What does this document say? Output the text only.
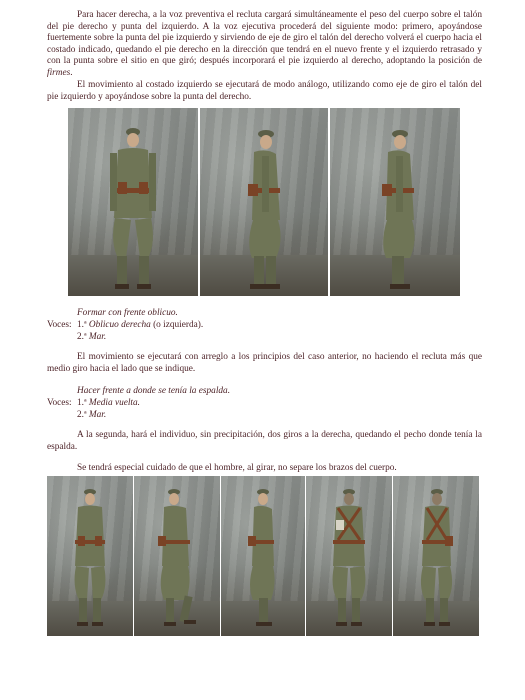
Para hacer derecha, a la voz preventiva el recluta cargará simultáneamente el peso del cuerpo sobre el talón del pie derecho y punta del izquierdo. A la voz ejecutiva procederá del siguiente modo: primero, apoyándose fuertemente sobre la punta del pie izquierdo y sirviendo de eje de giro el talón del derecho volverá el cuerpo hacia el costado indicado, quedando el pie derecho en la dirección que tendrá en el nuevo frente y el izquierdo retrasado y con la punta sobre el sitio en que giró; después incorporará el pie izquierdo al derecho, adoptando la posición de firmes.

El movimiento al costado izquierdo se ejecutará de modo análogo, utilizando como eje de giro el talón del pie izquierdo y apoyándose sobre la punta del derecho.

Formar con frente oblicuo.
Voces: 1.ª Oblicuo derecha (o izquierda).
2.ª Mar.

El movimiento se ejecutará con arreglo a los principios del caso anterior, no haciendo el recluta más que medio giro hacia el lado que se indique.

Hacer frente a donde se tenía la espalda.
Voces: 1.ª Media vuelta.
2.ª Mar.

A la segunda, hará el individuo, sin precipitación, dos giros a la derecha, quedando el pecho donde tenía la espalda.

Se tendrá especial cuidado de que el hombre, al girar, no separe los brazos del cuerpo.
